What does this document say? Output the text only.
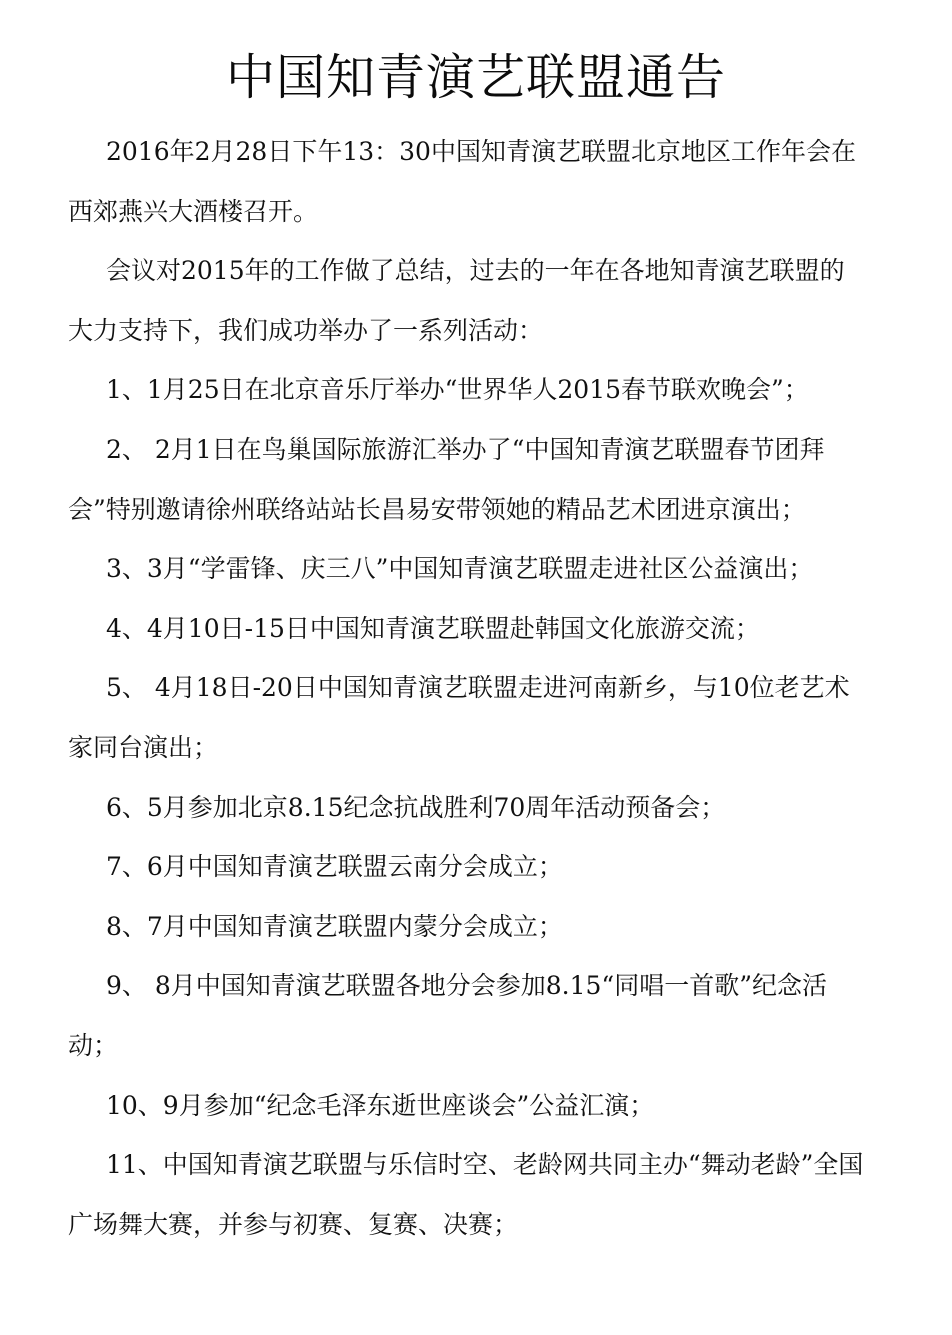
中国知青演艺联盟通告

2016年2月28日下午13：30中国知青演艺联盟北京地区工作年会在西郊燕兴大酒楼召开。

会议对2015年的工作做了总结，过去的一年在各地知青演艺联盟的大力支持下，我们成功举办了一系列活动：

1、1月25日在北京音乐厅举办“世界华人2015春节联欢晚会”；

2、 2月1日在鸟巢国际旅游汇举办了“中国知青演艺联盟春节团拜会”特别邀请徐州联络站站长昌易安带领她的精品艺术团进京演出；

3、3月“学雷锋、庆三八”中国知青演艺联盟走进社区公益演出；

4、4月10日-15日中国知青演艺联盟赴韩国文化旅游交流；

5、 4月18日-20日中国知青演艺联盟走进河南新乡，与10位老艺术家同台演出；

6、5月参加北京8.15纪念抗战胜利70周年活动预备会；

7、6月中国知青演艺联盟云南分会成立；

8、7月中国知青演艺联盟内蒙分会成立；

9、 8月中国知青演艺联盟各地分会参加8.15“同唱一首歌”纪念活动；

10、9月参加“纪念毛泽东逝世座谈会”公益汇演；

11、中国知青演艺联盟与乐信时空、老龄网共同主办“舞动老龄”全国广场舞大赛，并参与初赛、复赛、决赛；
